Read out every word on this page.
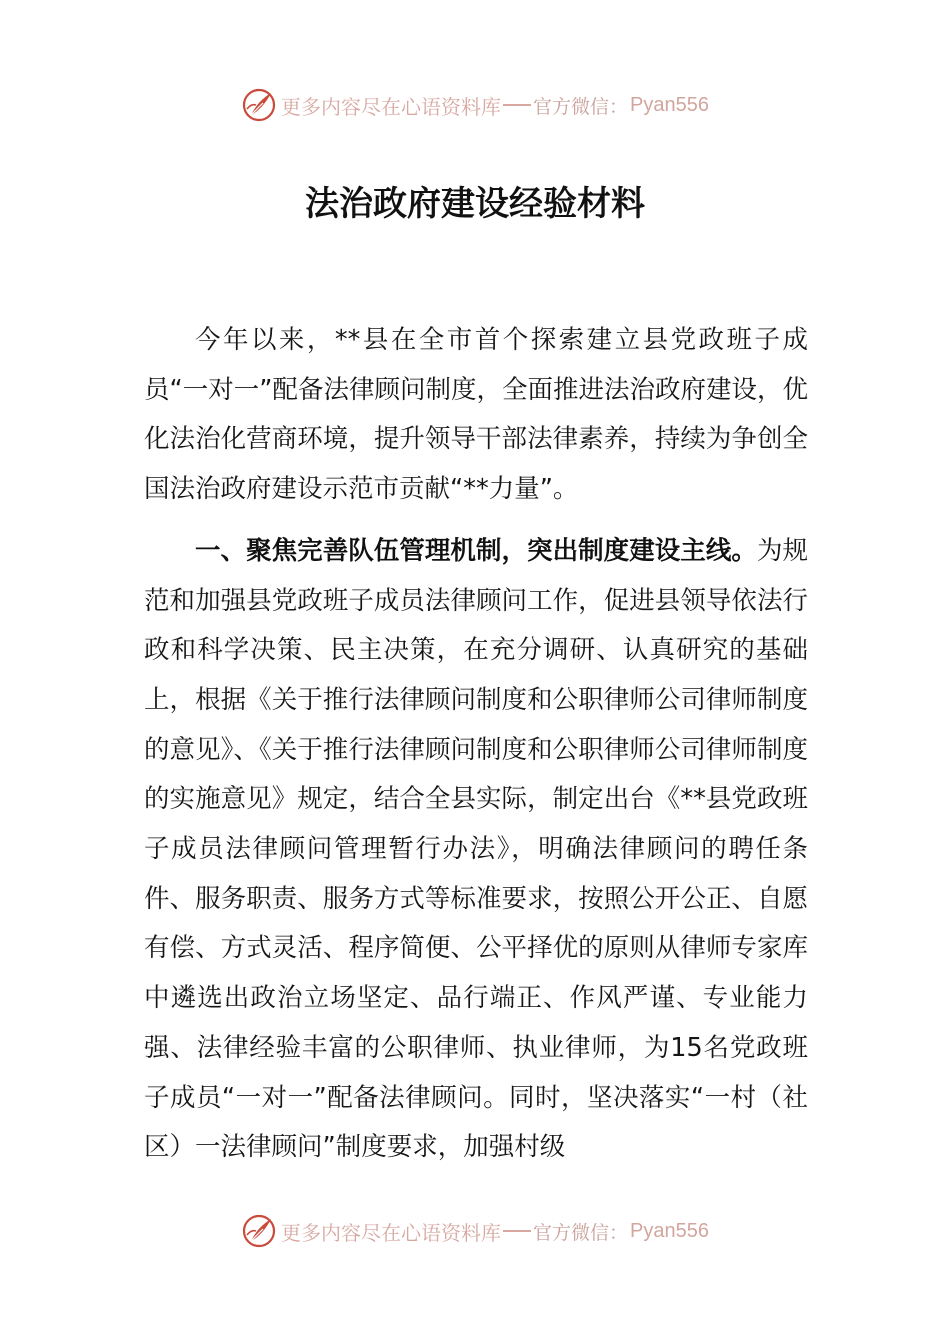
更多内容尽在心语资料库 官方微信： Pyan556
法治政府建设经验材料

今年以来，**县在全市首个探索建立县党政班子成员“一对一”配备法律顾问制度，全面推进法治政府建设，优化法治化营商环境，提升领导干部法律素养，持续为争创全国法治政府建设示范市贡献“**力量”。

一、聚焦完善队伍管理机制，突出制度建设主线。为规范和加强县党政班子成员法律顾问工作，促进县领导依法行政和科学决策、民主决策，在充分调研、认真研究的基础上，根据《关于推行法律顾问制度和公职律师公司律师制度的意见》、《关于推行法律顾问制度和公职律师公司律师制度的实施意见》规定，结合全县实际，制定出台《**县党政班子成员法律顾问管理暂行办法》，明确法律顾问的聘任条件、服务职责、服务方式等标准要求，按照公开公正、自愿有偿、方式灵活、程序简便、公平择优的原则从律师专家库中遴选出政治立场坚定、品行端正、作风严谨、专业能力强、法律经验丰富的公职律师、执业律师，为15名党政班子成员“一对一”配备法律顾问。同时，坚决落实“一村（社区）一法律顾问”制度要求，加强村级

更多内容尽在心语资料库 官方微信： Pyan556
